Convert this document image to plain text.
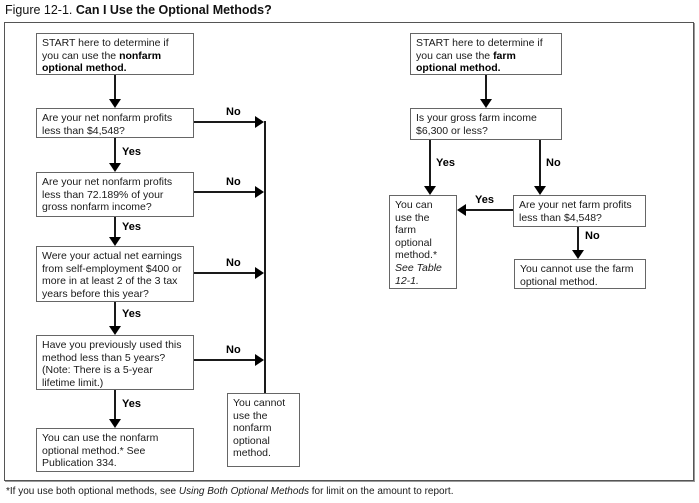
Figure 12-1. Can I Use the Optional Methods?
START here to determine if you can use the nonfarm optional method.
Are your net nonfarm profits less than $4,548?
Are your net nonfarm profits less than 72.189% of your gross nonfarm income?
Were your actual net earnings from self-employment $400 or more in at least 2 of the 3 tax years before this year?
Have you previously used this method less than 5 years? (Note: There is a 5-year lifetime limit.)
You can use the nonfarm optional method.* See Publication 334.
You cannot use the nonfarm optional method.
START here to determine if you can use the farm optional method.
Is your gross farm income $6,300 or less?
You can use the farm optional method.* See Table 12-1.
Are your net farm profits less than $4,548?
You cannot use the farm optional method.
Yes
Yes
Yes
Yes
No
No
No
No
Yes	No
Yes
No
*If you use both optional methods, see Using Both Optional Methods for limit on the amount to report.
